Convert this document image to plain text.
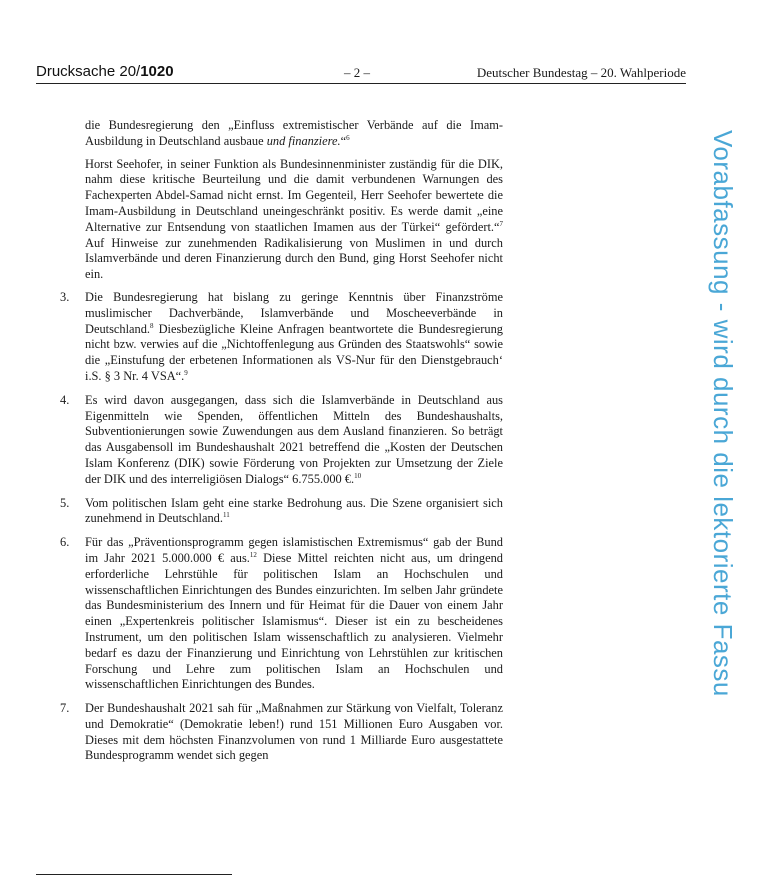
Drucksache 20/1020	– 2 –	Deutscher Bundestag – 20. Wahlperiode

die Bundesregierung den „Einfluss extremistischer Verbände auf die Imam-Ausbildung in Deutschland ausbaue und finanziere.“$^6$

Horst Seehofer, in seiner Funktion als Bundesinnenminister zuständig für die DIK, nahm diese kritische Beurteilung und die damit verbundenen Warnungen des Fachexperten Abdel-Samad nicht ernst. Im Gegenteil, Herr Seehofer bewertete die Imam-Ausbildung in Deutschland uneingeschränkt positiv. Es werde damit „eine Alternative zur Entsendung von staatlichen Imamen aus der Türkei“ gefördert.“$^7$ Auf Hinweise zur zunehmenden Radikalisierung von Muslimen in und durch Islamverbände und deren Finanzierung durch den Bund, ging Horst Seehofer nicht ein.

3. Die Bundesregierung hat bislang zu geringe Kenntnis über Finanzströme muslimischer Dachverbände, Islamverbände und Moscheeverbände in Deutschland.$^8$ Diesbezügliche Kleine Anfragen beantwortete die Bundesregierung nicht bzw. verwies auf die „Nichtoffenlegung aus Gründen des Staatswohls“ sowie die „Einstufung der erbetenen Informationen als VS-Nur für den Dienstgebrauch‘ i.S. § 3 Nr. 4 VSA“.$^9$
4. Es wird davon ausgegangen, dass sich die Islamverbände in Deutschland aus Eigenmitteln wie Spenden, öffentlichen Mitteln des Bundeshaushalts, Subventionierungen sowie Zuwendungen aus dem Ausland finanzieren. So beträgt das Ausgabensoll im Bundeshaushalt 2021 betreffend die „Kosten der Deutschen Islam Konferenz (DIK) sowie Förderung von Projekten zur Umsetzung der Ziele der DIK und des interreligiösen Dialogs“ 6.755.000 €.$^{10}$
5. Vom politischen Islam geht eine starke Bedrohung aus. Die Szene organisiert sich zunehmend in Deutschland.$^{11}$
6. Für das „Präventionsprogramm gegen islamistischen Extremismus“ gab der Bund im Jahr 2021 5.000.000 € aus.$^{12}$ Diese Mittel reichten nicht aus, um dringend erforderliche Lehrstühle für politischen Islam an Hochschulen und wissenschaftlichen Einrichtungen des Bundes einzurichten. Im selben Jahr gründete das Bundesministerium des Innern und für Heimat für die Dauer von einem Jahr einen „Expertenkreis politischer Islamismus“. Dieser ist ein zu bescheidenes Instrument, um den politischen Islam wissenschaftlich zu analysieren. Vielmehr bedarf es dazu der Finanzierung und Einrichtung von Lehrstühlen zur kritischen Forschung und Lehre zum politischen Islam an Hochschulen und wissenschaftlichen Einrichtungen des Bundes.
7. Der Bundeshaushalt 2021 sah für „Maßnahmen zur Stärkung von Vielfalt, Toleranz und Demokratie“ (Demokratie leben!) rund 151 Millionen Euro Ausgaben vor. Dieses mit dem höchsten Finanzvolumen von rund 1 Milliarde Euro ausgestattete Bundesprogramm wendet sich gegen
Vorabfassung - wird durch die lektorierte Fassu
